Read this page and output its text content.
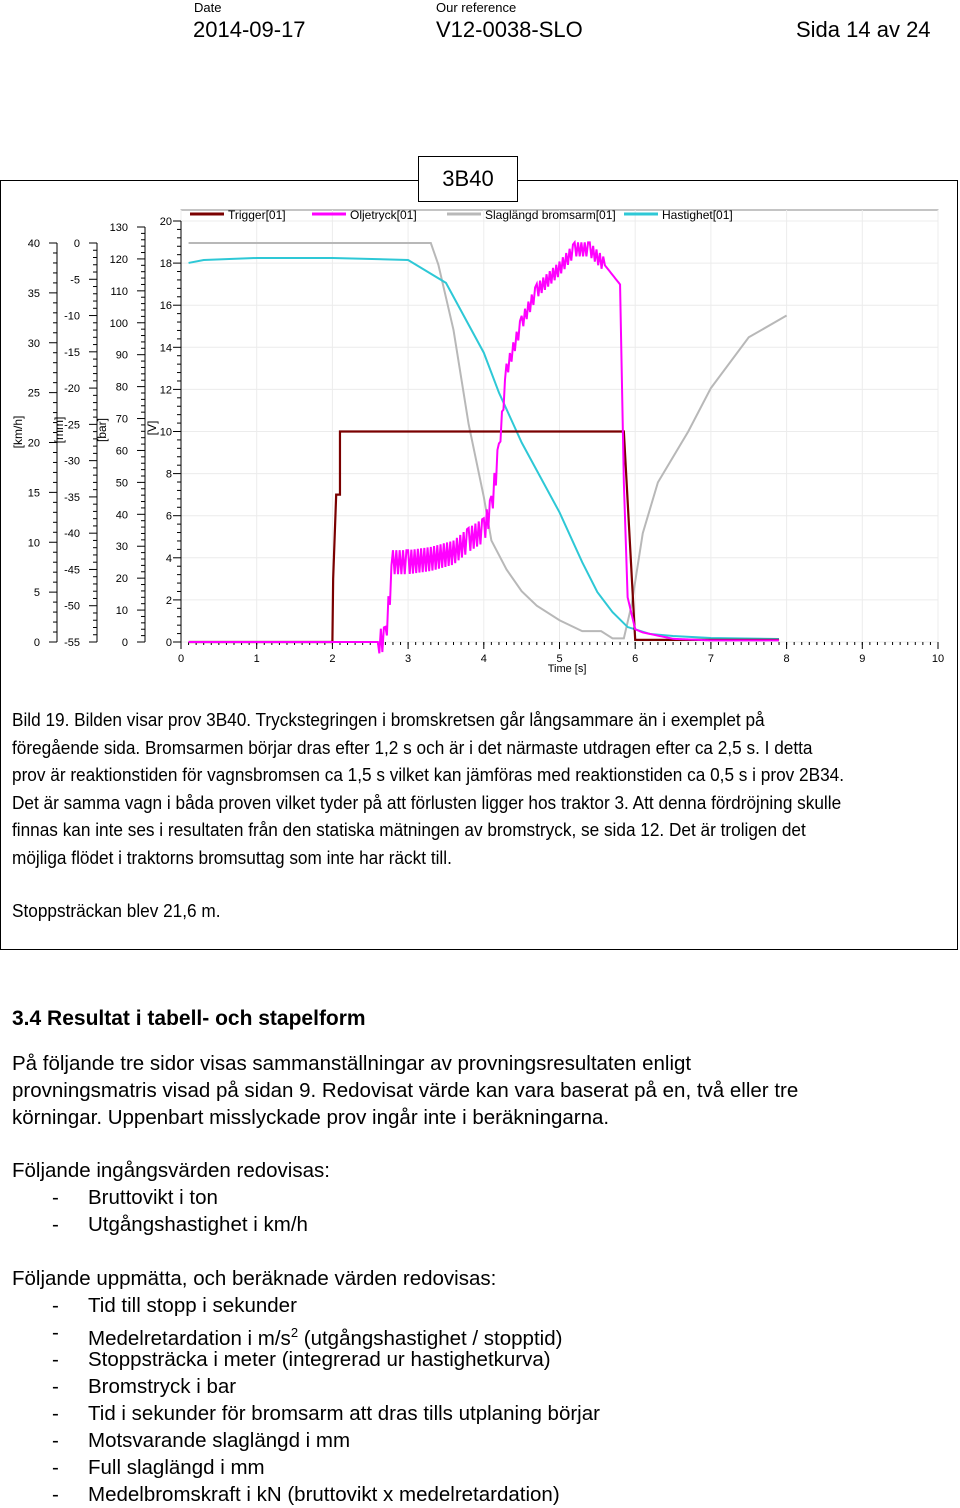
Date
2014-09-17
Our reference
V12-0038-SLO	Sida 14 av 24
3B40
0
5
10
15
20
25
30
35
40
-55
-50
-45
-40
-35
-30
-25
-20
-15
-10
-5
0
0
10
20
30
40
50
60
70
80
90
100
110
120
130
0
2
4
6
8
10
12
14
16
18
20
[km/h] [mm] [bar]	[V]
0	1	2	3	4	5	6	7	8	9	10
Time [s]
Trigger[01]	Oljetryck[01]	Slaglängd bromsarm[01]	Hastighet[01]

Bild 19. Bilden visar prov 3B40. Tryckstegringen i bromskretsen går långsammare än i exemplet på

föregående sida. Bromsarmen börjar dras efter 1,2 s och är i det närmaste utdragen efter ca 2,5 s. I detta

prov är reaktionstiden för vagnsbromsen ca 1,5 s vilket kan jämföras med reaktionstiden ca 0,5 s i prov 2B34.

Det är samma vagn i båda proven vilket tyder på att förlusten ligger hos traktor 3. Att denna fördröjning skulle

finnas kan inte ses i resultaten från den statiska mätningen av bromstryck, se sida 12. Det är troligen det

möjliga flödet i traktorns bromsuttag som inte har räckt till.

Stoppsträckan blev 21,6 m.

3.4 Resultat i tabell- och stapelform
På följande tre sidor visas sammanställningar av provningsresultaten enligt
provningsmatris visad på sidan 9. Redovisat värde kan vara baserat på en, två eller tre
körningar. Uppenbart misslyckade prov ingår inte i beräkningarna.
Följande ingångsvärden redovisas:
- Bruttovikt i ton
- Utgångshastighet i km/h
Följande uppmätta, och beräknade värden redovisas:
- Tid till stopp i sekunder
- Medelretardation i $m/s^2$ (utgångshastighet / stopptid)
- Stoppsträcka i meter (integrerad ur hastighetkurva)
- Bromstryck i bar
- Tid i sekunder för bromsarm att dras tills utplaning börjar
- Motsvarande slaglängd i mm
- Full slaglängd i mm
- Medelbromskraft i kN (bruttovikt x medelretardation)
